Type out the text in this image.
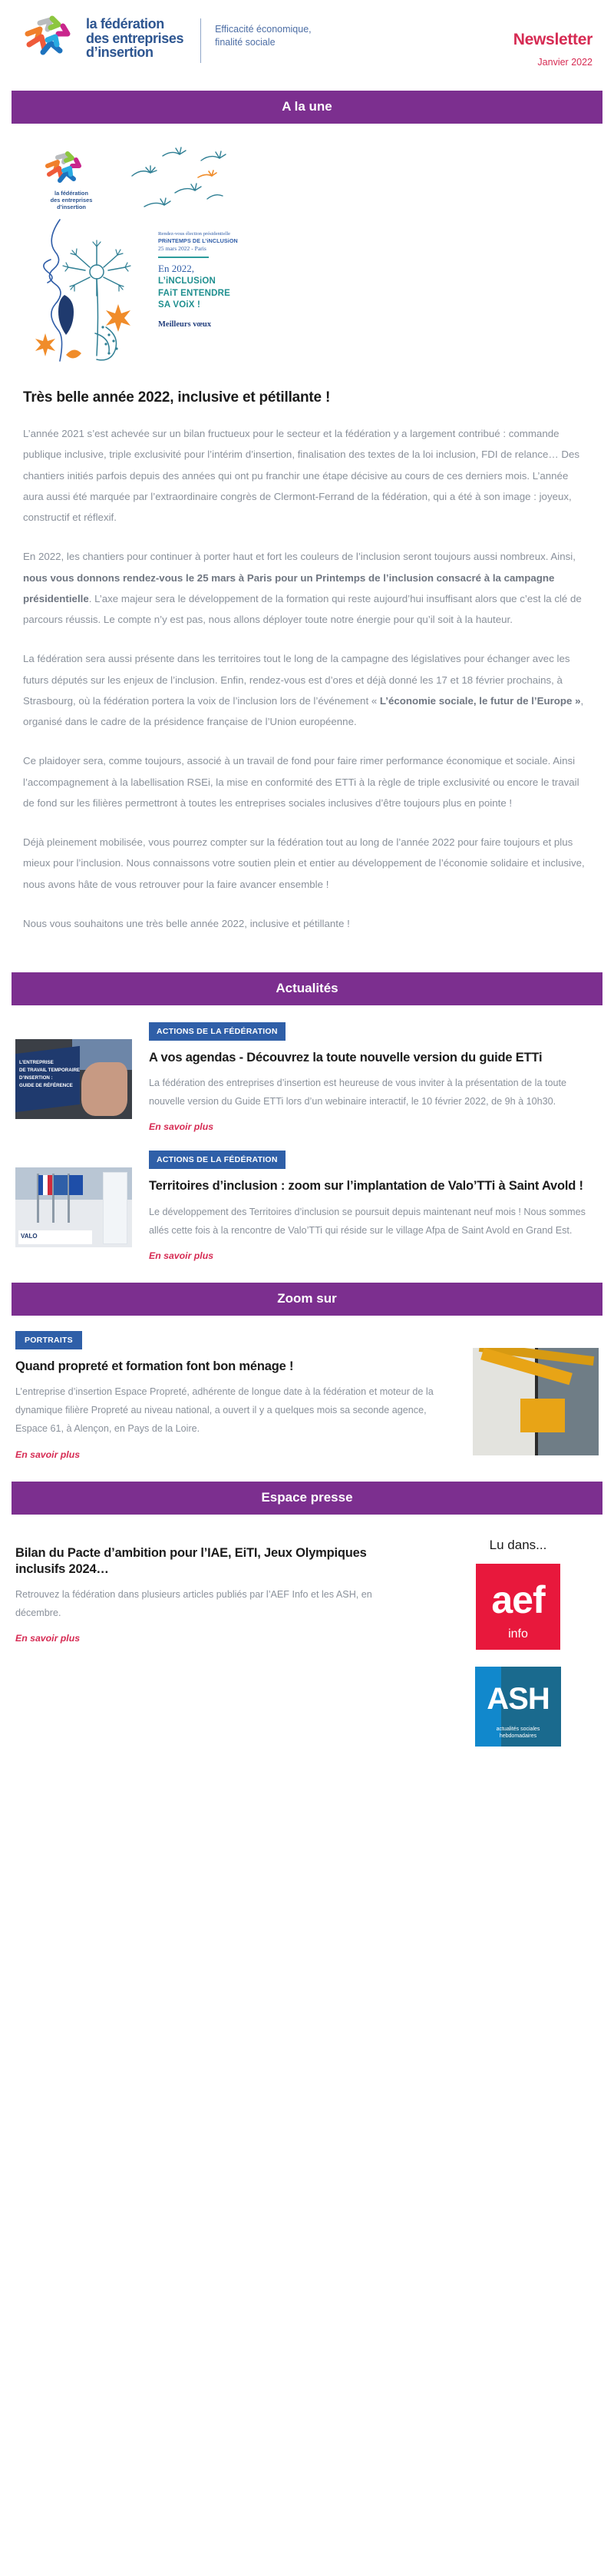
la fédération
des entreprises
d’insertion
Efficacité économique,
finalité sociale	Newsletter
Janvier 2022
A la une
la fédération
des entreprises
d’insertion
Rendez-vous élection présidentielle
PRiNTEMPS DE L’iNCLUSiON
25 mars 2022 - Paris
En 2022,
L’iNCLUSiON
FAiT ENTENDRE
SA VOiX !
Meilleurs vœux
Très belle année 2022, inclusive et pétillante !

L’année 2021 s’est achevée sur un bilan fructueux pour le secteur et la fédération y a largement contribué : commande publique inclusive, triple exclusivité pour l’intérim d’insertion, finalisation des textes de la loi inclusion, FDI de relance… Des chantiers initiés parfois depuis des années qui ont pu franchir une étape décisive au cours de ces derniers mois. L’année aura aussi été marquée par l’extraordinaire congrès de Clermont-Ferrand de la fédération, qui a été à son image : joyeux, constructif et réflexif.

En 2022, les chantiers pour continuer à porter haut et fort les couleurs de l’inclusion seront toujours aussi nombreux. Ainsi, nous vous donnons rendez-vous le 25 mars à Paris pour un Printemps de l’inclusion consacré à la campagne présidentielle. L’axe majeur sera le développement de la formation qui reste aujourd’hui insuffisant alors que c’est la clé de parcours réussis. Le compte n’y est pas, nous allons déployer toute notre énergie pour qu’il soit à la hauteur.

La fédération sera aussi présente dans les territoires tout le long de la campagne des législatives pour échanger avec les futurs députés sur les enjeux de l’inclusion. Enfin, rendez-vous est d’ores et déjà donné les 17 et 18 février prochains, à Strasbourg, où la fédération portera la voix de l’inclusion lors de l’événement « L’économie sociale, le futur de l’Europe », organisé dans le cadre de la présidence française de l’Union européenne.

Ce plaidoyer sera, comme toujours, associé à un travail de fond pour faire rimer performance économique et sociale. Ainsi l’accompagnement à la labellisation RSEi, la mise en conformité des ETTi à la règle de triple exclusivité ou encore le travail de fond sur les filières permettront à toutes les entreprises sociales inclusives d’être toujours plus en pointe !

Déjà pleinement mobilisée, vous pourrez compter sur la fédération tout au long de l’année 2022 pour faire toujours et plus mieux pour l’inclusion. Nous connaissons votre soutien plein et entier au développement de l’économie solidaire et inclusive, nous avons hâte de vous retrouver pour la faire avancer ensemble !

Nous vous souhaitons une très belle année 2022, inclusive et pétillante !

Actualités
L’ENTREPRISE
DE TRAVAIL TEMPORAIRE
D’INSERTION :
GUIDE DE RÉFÉRENCE
ACTIONS DE LA FÉDÉRATION
A vos agendas - Découvrez la toute nouvelle version du guide ETTi

La fédération des entreprises d’insertion est heureuse de vous inviter à la présentation de la toute nouvelle version du Guide ETTi lors d’un webinaire interactif, le 10 février 2022, de 9h à 10h30.

En savoir plus
VALO
ACTIONS DE LA FÉDÉRATION
Territoires d’inclusion : zoom sur l’implantation de Valo’TTi à Saint Avold !

Le développement des Territoires d’inclusion se poursuit depuis maintenant neuf mois ! Nous sommes allés cette fois à la rencontre de Valo’TTi qui réside sur le village Afpa de Saint Avold en Grand Est.

En savoir plus
Zoom sur
PORTRAITS
Quand propreté et formation font bon ménage !

L’entreprise d’insertion Espace Propreté, adhérente de longue date à la fédération et moteur de la dynamique filière Propreté au niveau national, a ouvert il y a quelques mois sa seconde agence, Espace 61, à Alençon, en Pays de la Loire.

En savoir plus
Espace presse
Bilan du Pacte d’ambition pour l’IAE, EiTI, Jeux Olympiques inclusifs 2024…

Retrouvez la fédération dans plusieurs articles publiés par l’AEF Info et les ASH, en décembre.

En savoir plus
Lu dans...
aef
info
ASH
actualités sociales
hebdomadaires
